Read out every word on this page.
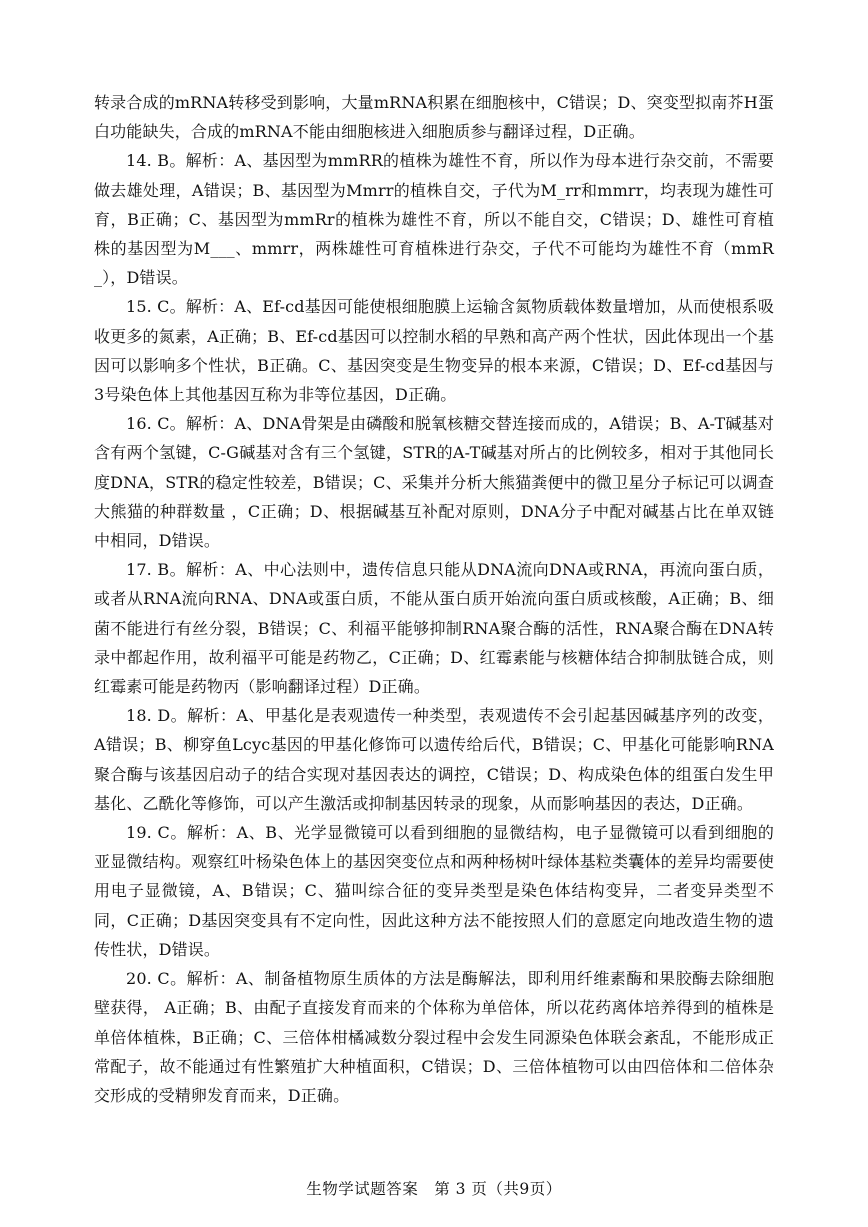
转录合成的mRNA转移受到影响，大量mRNA积累在细胞核中，C错误；D、突变型拟南芥H蛋白功能缺失，合成的mRNA不能由细胞核进入细胞质参与翻译过程，D正确。

14. B。解析：A、基因型为mmRR的植株为雄性不育，所以作为母本进行杂交前，不需要做去雄处理，A错误；B、基因型为Mmrr的植株自交，子代为M_rr和mmrr，均表现为雄性可育，B正确；C、基因型为mmRr的植株为雄性不育，所以不能自交，C错误；D、雄性可育植株的基因型为M___、mmrr，两株雄性可育植株进行杂交，子代不可能均为雄性不育（mmR_），D错误。

15. C。解析：A、Ef-cd基因可能使根细胞膜上运输含氮物质载体数量增加，从而使根系吸收更多的氮素，A正确；B、Ef-cd基因可以控制水稻的早熟和高产两个性状，因此体现出一个基因可以影响多个性状，B正确。C、基因突变是生物变异的根本来源，C错误；D、Ef-cd基因与3号染色体上其他基因互称为非等位基因，D正确。

16. C。解析：A、DNA骨架是由磷酸和脱氧核糖交替连接而成的，A错误；B、A-T碱基对含有两个氢键，C-G碱基对含有三个氢键，STR的A-T碱基对所占的比例较多，相对于其他同长度DNA，STR的稳定性较差，B错误；C、采集并分析大熊猫粪便中的微卫星分子标记可以调查大熊猫的种群数量 ，C正确；D、根据碱基互补配对原则，DNA分子中配对碱基占比在单双链中相同，D错误。

17. B。解析：A、中心法则中，遗传信息只能从DNA流向DNA或RNA，再流向蛋白质，或者从RNA流向RNA、DNA或蛋白质，不能从蛋白质开始流向蛋白质或核酸，A正确；B、细菌不能进行有丝分裂，B错误；C、利福平能够抑制RNA聚合酶的活性，RNA聚合酶在DNA转录中都起作用，故利福平可能是药物乙，C正确；D、红霉素能与核糖体结合抑制肽链合成，则红霉素可能是药物丙（影响翻译过程）D正确。

18. D。解析：A、甲基化是表观遗传一种类型，表观遗传不会引起基因碱基序列的改变，A错误；B、柳穿鱼Lcyc基因的甲基化修饰可以遗传给后代，B错误；C、甲基化可能影响RNA聚合酶与该基因启动子的结合实现对基因表达的调控，C错误；D、构成染色体的组蛋白发生甲基化、乙酰化等修饰，可以产生激活或抑制基因转录的现象，从而影响基因的表达，D正确。

19. C。解析：A、B、光学显微镜可以看到细胞的显微结构，电子显微镜可以看到细胞的亚显微结构。观察红叶杨染色体上的基因突变位点和两种杨树叶绿体基粒类囊体的差异均需要使用电子显微镜，A、B错误；C、猫叫综合征的变异类型是染色体结构变异，二者变异类型不同，C正确；D基因突变具有不定向性，因此这种方法不能按照人们的意愿定向地改造生物的遗传性状，D错误。

20. C。解析：A、制备植物原生质体的方法是酶解法，即利用纤维素酶和果胶酶去除细胞壁获得， A正确；B、由配子直接发育而来的个体称为单倍体，所以花药离体培养得到的植株是单倍体植株，B正确；C、三倍体柑橘减数分裂过程中会发生同源染色体联会紊乱，不能形成正常配子，故不能通过有性繁殖扩大种植面积，C错误；D、三倍体植物可以由四倍体和二倍体杂交形成的受精卵发育而来，D正确。

生物学试题答案　第 3 页（共9页）
